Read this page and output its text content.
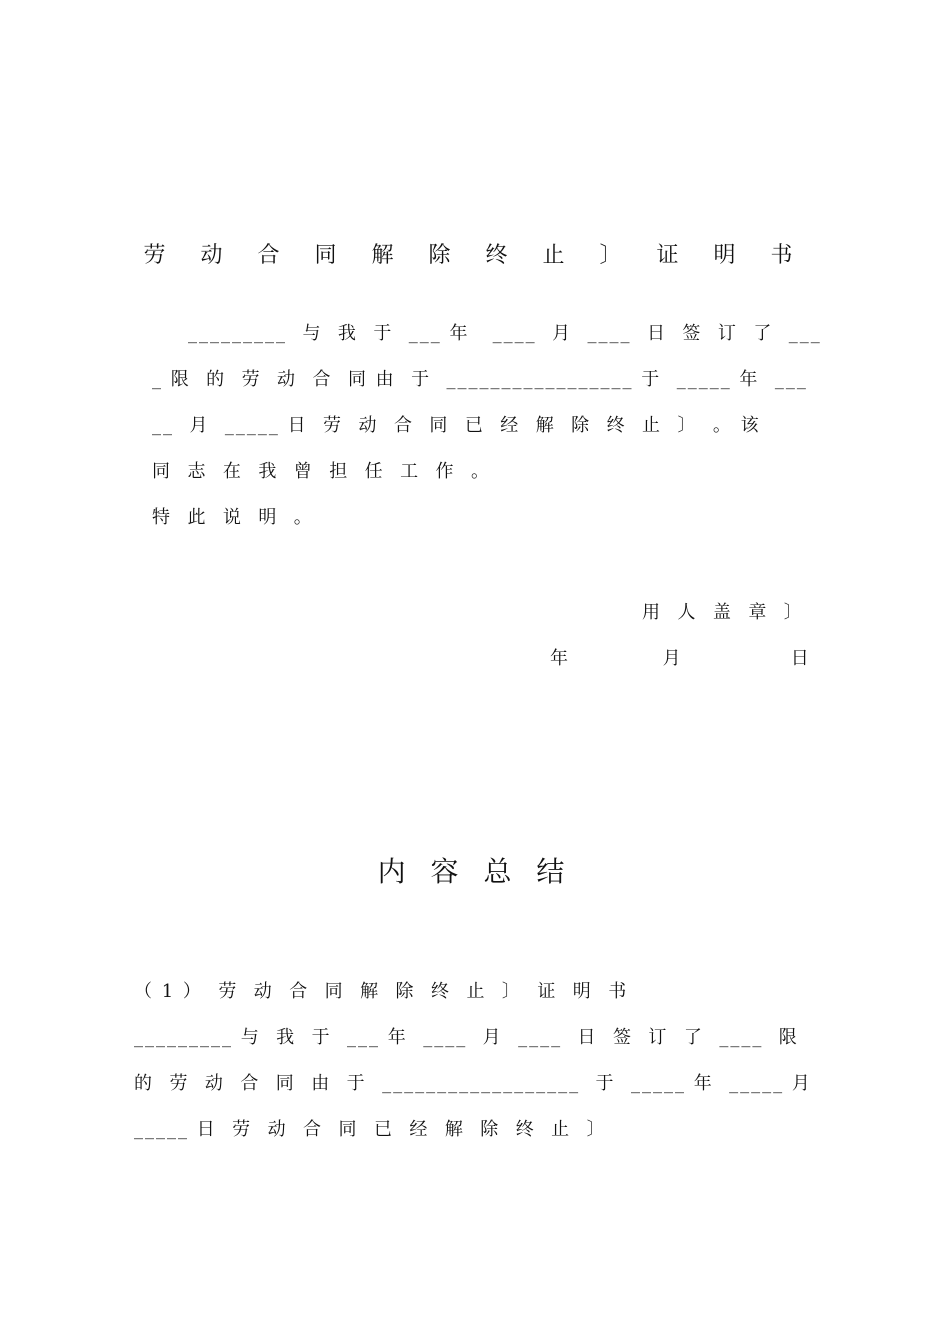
劳 动 合 同 解 除 终 止 〕 证 明 书
_________  与  我  于  ___ 年   ____  月  ____  日  签  订  了  ___
_ 限  的  劳  动  合  同 由  于  _________________ 于  _____ 年  ___
__  月  _____ 日  劳  动  合  同  已  经  解  除  终  止  〕  。 该
同  志  在  我  曾  担  任  工  作  。
特  此  说  明  。
用  人  盖  章  〕
年            月              日
内 容 总 结
（ 1 ）  劳  动  合  同  解  除  终  止  〕  证  明  书
_________ 与  我  于  ___ 年  ____  月  ____  日  签  订  了  ____  限
的  劳  动  合  同  由  于  __________________  于  _____ 年  _____ 月
_____ 日  劳  动  合  同  已  经  解  除  终  止  〕
